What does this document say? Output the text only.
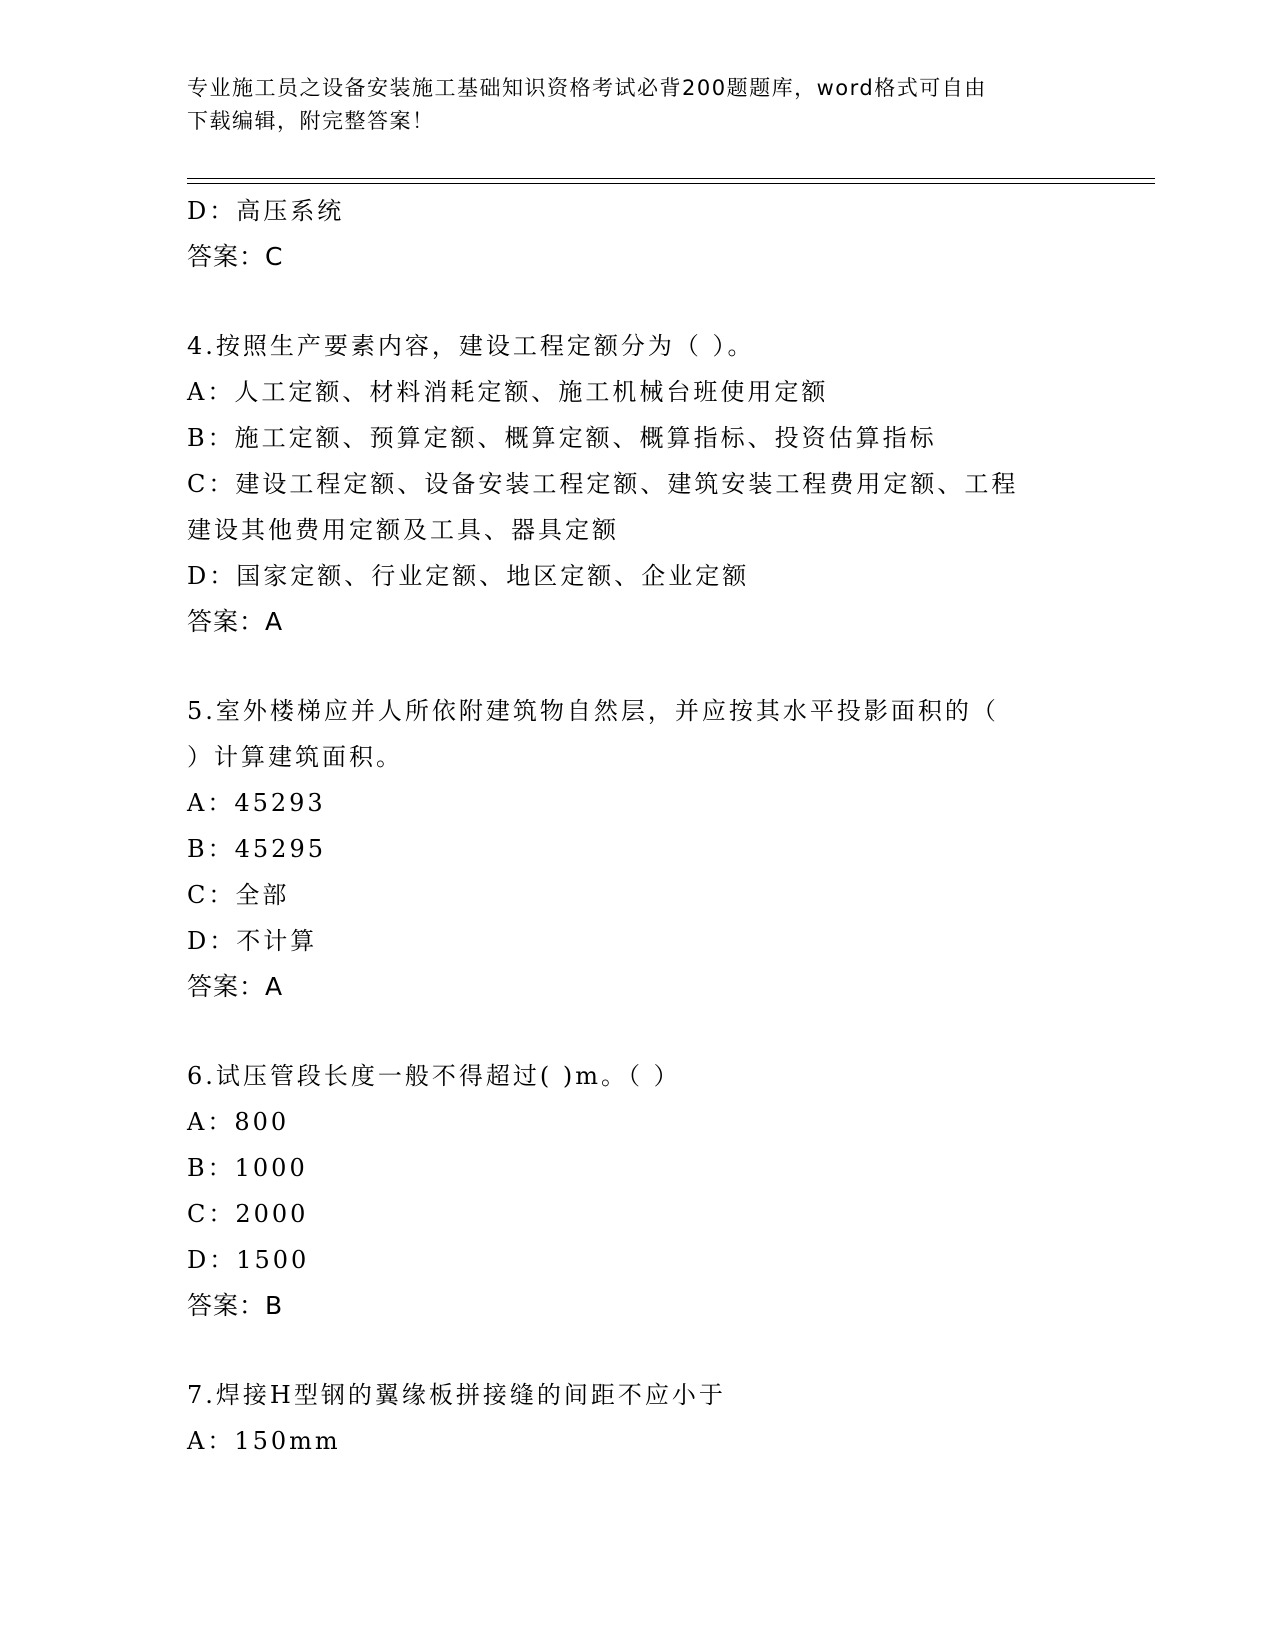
专业施工员之设备安装施工基础知识资格考试必背200题题库，word格式可自由
下载编辑，附完整答案！
D：高压系统
答案：C
4.按照生产要素内容，建设工程定额分为（ ）。
A：人工定额、材料消耗定额、施工机械台班使用定额
B：施工定额、预算定额、概算定额、概算指标、投资估算指标
C：建设工程定额、设备安装工程定额、建筑安装工程费用定额、工程
建设其他费用定额及工具、器具定额
D：国家定额、行业定额、地区定额、企业定额
答案：A
5.室外楼梯应并人所依附建筑物自然层，并应按其水平投影面积的（
）计算建筑面积。
A：45293
B：45295
C：全部
D：不计算
答案：A
6.试压管段长度一般不得超过( )m。（ ）
A：800
B：1000
C：2000
D：1500
答案：B
7.焊接H型钢的翼缘板拼接缝的间距不应小于
A：150mm
